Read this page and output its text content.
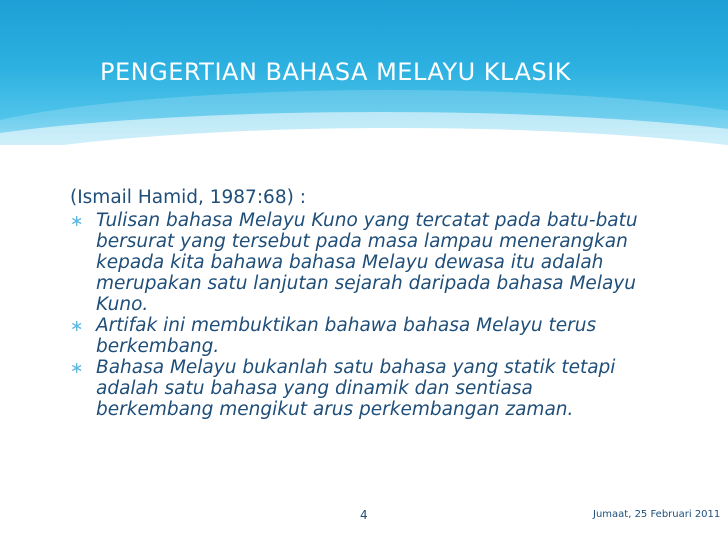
PENGERTIAN BAHASA MELAYU KLASIK
(Ismail Hamid, 1987:68) :
∗ Tulisan bahasa Melayu Kuno yang tercatat pada batu-batu bersurat yang tersebut pada masa lampau menerangkan kepada kita bahawa bahasa Melayu dewasa itu adalah merupakan satu lanjutan sejarah daripada bahasa Melayu Kuno.
∗ Artifak ini membuktikan bahawa bahasa Melayu terus berkembang.
∗ Bahasa Melayu bukanlah satu bahasa yang statik tetapi adalah satu bahasa yang dinamik dan sentiasa berkembang mengikut arus perkembangan zaman.
4	Jumaat, 25 Februari 2011
